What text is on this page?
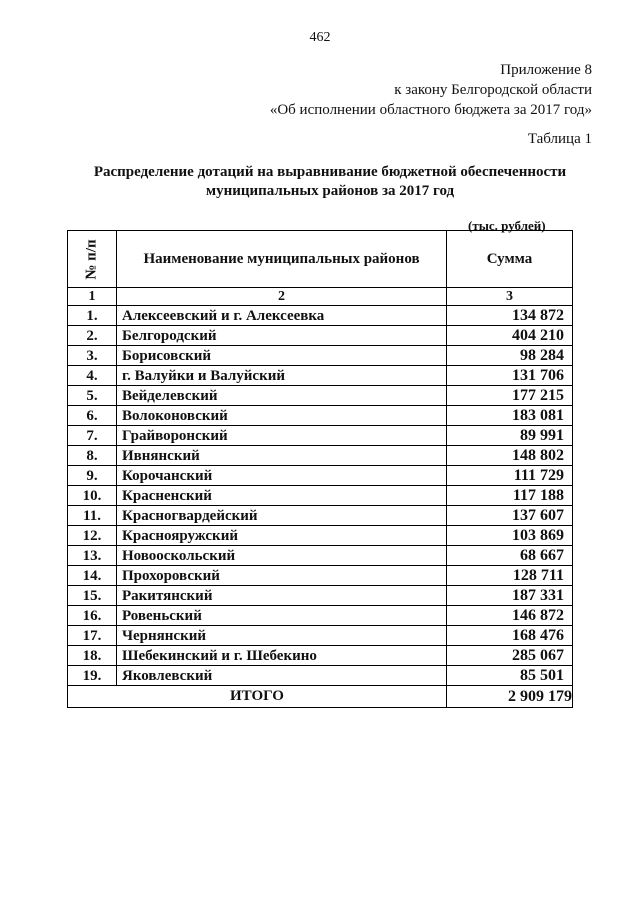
462
Приложение 8
к закону Белгородской области
«Об исполнении областного бюджета за 2017 год»
Таблица 1
Распределение дотаций на выравнивание бюджетной обеспеченности
муниципальных районов за 2017 год
(тыс. рублей)
№ п/п	Наименование муниципальных районов	Сумма
1	2	3
1.	Алексеевский и г. Алексеевка	134 872
2.	Белгородский	404 210
3.	Борисовский	98 284
4.	г. Валуйки и Валуйский	131 706
5.	Вейделевский	177 215
6.	Волоконовский	183 081
7.	Грайворонский	89 991
8.	Ивнянский	148 802
9.	Корочанский	111 729
10.	Красненский	117 188
11.	Красногвардейский	137 607
12.	Краснояружский	103 869
13.	Новооскольский	68 667
14.	Прохоровский	128 711
15.	Ракитянский	187 331
16.	Ровеньский	146 872
17.	Чернянский	168 476
18.	Шебекинский и г. Шебекино	285 067
19.	Яковлевский	85 501
ИТОГО		2 909 179
